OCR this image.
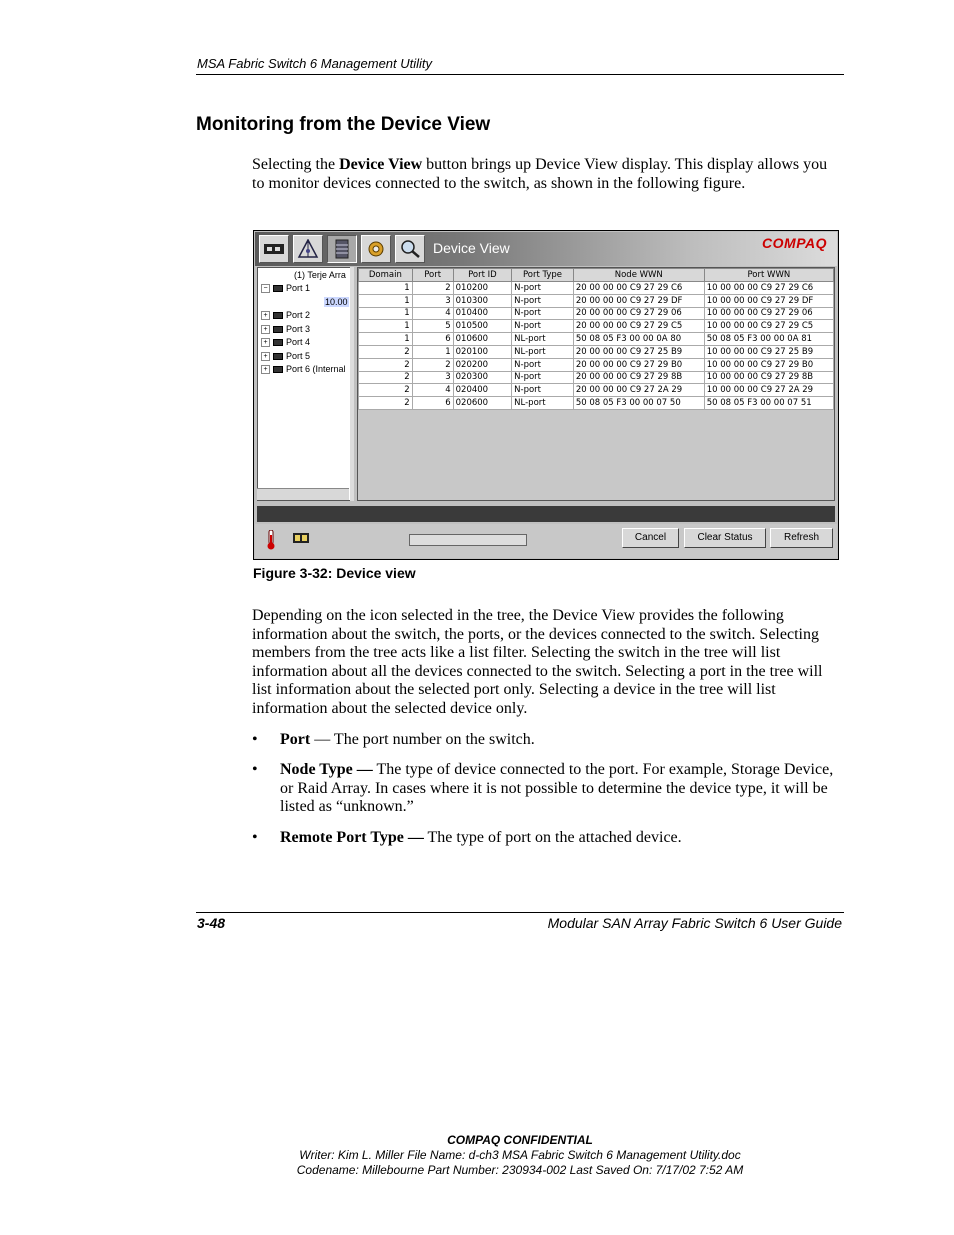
MSA Fabric Switch 6 Management Utility
Monitoring from the Device View
Selecting the Device View button brings up Device View display. This display allows you to monitor devices connected to the switch, as shown in the following figure.
Device View	COMPAQ
(1) Terje Arra
− Port 1
10.00
+ Port 2
+ Port 3
+ Port 4
+ Port 5
+ Port 6 (Internal
Domain	Port	Port ID	Port Type	Node WWN	Port WWN
1	2	010200	N-port	20 00 00 00 C9 27 29 C6	10 00 00 00 C9 27 29 C6
1	3	010300	N-port	20 00 00 00 C9 27 29 DF	10 00 00 00 C9 27 29 DF
1	4	010400	N-port	20 00 00 00 C9 27 29 06	10 00 00 00 C9 27 29 06
1	5	010500	N-port	20 00 00 00 C9 27 29 C5	10 00 00 00 C9 27 29 C5
1	6	010600	NL-port	50 08 05 F3 00 00 0A 80	50 08 05 F3 00 00 0A 81
2	1	020100	NL-port	20 00 00 00 C9 27 25 B9	10 00 00 00 C9 27 25 B9
2	2	020200	N-port	20 00 00 00 C9 27 29 B0	10 00 00 00 C9 27 29 B0
2	3	020300	N-port	20 00 00 00 C9 27 29 8B	10 00 00 00 C9 27 29 8B
2	4	020400	N-port	20 00 00 00 C9 27 2A 29	10 00 00 00 C9 27 2A 29
2	6	020600	NL-port	50 08 05 F3 00 00 07 50	50 08 05 F3 00 00 07 51
Cancel	Clear Status	Refresh
Figure 3-32: Device view
Depending on the icon selected in the tree, the Device View provides the following information about the switch, the ports, or the devices connected to the switch. Selecting members from the tree acts like a list filter. Selecting the switch in the tree will list information about all the devices connected to the switch. Selecting a port in the tree will list information about the selected port only. Selecting a device in the tree will list information about the selected device only.
• Port — The port number on the switch.
• Node Type — The type of device connected to the port. For example, Storage Device, or Raid Array. In cases where it is not possible to determine the device type, it will be listed as “unknown.”
• Remote Port Type — The type of port on the attached device.
3-48	Modular SAN Array Fabric Switch 6 User Guide
COMPAQ CONFIDENTIAL
Writer: Kim L. Miller File Name: d-ch3 MSA Fabric Switch 6 Management Utility.doc
Codename: Millebourne Part Number: 230934-002 Last Saved On: 7/17/02 7:52 AM
